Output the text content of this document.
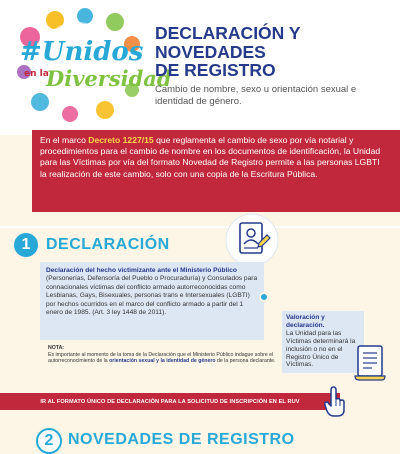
#Unidos
en la
Diversidad
DECLARACIÓN Y
NOVEDADES
DE REGISTRO
Cambio de nombre, sexo u orientación sexual e identidad de género.
En el marco Decreto 1227/15 que reglamenta el cambio de sexo por vía notarial y procedimientos para el cambio de nombre en los documentos de identificación, la Unidad para las Víctimas por vía del formato Novedad de Registro permite a las personas LGBTI la realización de este cambio, solo con una copia de la Escritura Pública.
1 DECLARACIÓN
Declaración del hecho victimizante ante el Ministerio Público (Personerías, Defensoría del Pueblo o Procuraduría) y Consulados para connacionales víctimas del conflicto armado autorreconocidas como Lesbianas, Gays, Bisexuales, personas trans e Intersexuales (LGBTI) por hechos ocurridos en el marco del conflicto armado a partir del 1 enero de 1985. (Art. 3 ley 1448 de 2011).
NOTA:
Es importante al momento de la toma de la Declaración que el Ministerio Público indague sobre el autorreconocimiento de la orientación sexual y la identidad de género de la persona declarante.
Valoración y declaración.
La Unidad para las Víctimas determinará la inclusión o no en el Registro Único de Víctimas.
IR AL FORMATO ÚNICO DE DECLARACIÓN PARA LA SOLICITUD DE INSCRIPCIÓN EN EL RUV
2 NOVEDADES DE REGISTRO
